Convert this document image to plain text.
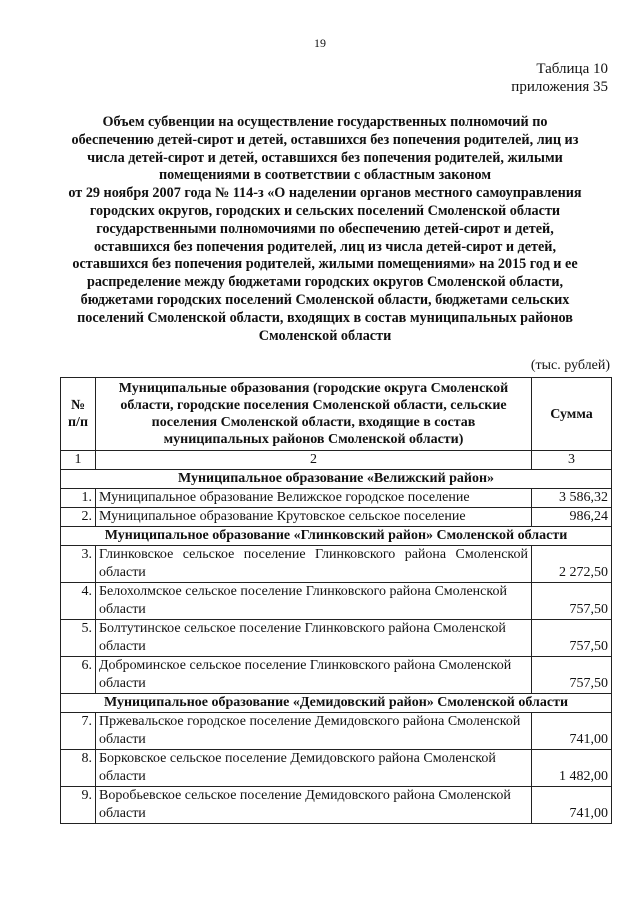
19
Таблица 10
приложения 35
Объем субвенции на осуществление государственных полномочий по
обеспечению детей-сирот и детей, оставшихся без попечения родителей, лиц из
числа детей-сирот и детей, оставшихся без попечения родителей, жилыми
помещениями в соответствии с областным законом
от 29 ноября 2007 года № 114-з «О наделении органов местного самоуправления
городских округов, городских и сельских поселений Смоленской области
государственными полномочиями по обеспечению детей-сирот и детей,
оставшихся без попечения родителей, лиц из числа детей-сирот и детей,
оставшихся без попечения родителей, жилыми помещениями» на 2015 год и ее
распределение между бюджетами городских округов Смоленской области,
бюджетами городских поселений Смоленской области, бюджетами сельских
поселений Смоленской области, входящих в состав муниципальных районов
Смоленской области
(тыс. рублей)
№ п/п	Муниципальные образования (городские округа Смоленской области, городские поселения Смоленской области, сельские поселения Смоленской области, входящие в состав муниципальных районов Смоленской области)	Сумма
1	2	3
Муниципальное образование «Велижский район»		
1.	Муниципальное образование Велижское городское поселение	3 586,32
2.	Муниципальное образование Крутовское сельское поселение	986,24
Муниципальное образование «Глинковский район» Смоленской области		
3.	Глинковское сельское поселение Глинковского района Смоленской области	2 272,50
4.	Белохолмское сельское поселение Глинковского района Смоленской области	757,50
5.	Болтутинское сельское поселение Глинковского района Смоленской области	757,50
6.	Доброминское сельское поселение Глинковского района Смоленской области	757,50
Муниципальное образование «Демидовский район» Смоленской области		
7.	Пржевальское городское поселение Демидовского района Смоленской области	741,00
8.	Борковское сельское поселение Демидовского района Смоленской области	1 482,00
9.	Воробьевское сельское поселение Демидовского района Смоленской области	741,00
